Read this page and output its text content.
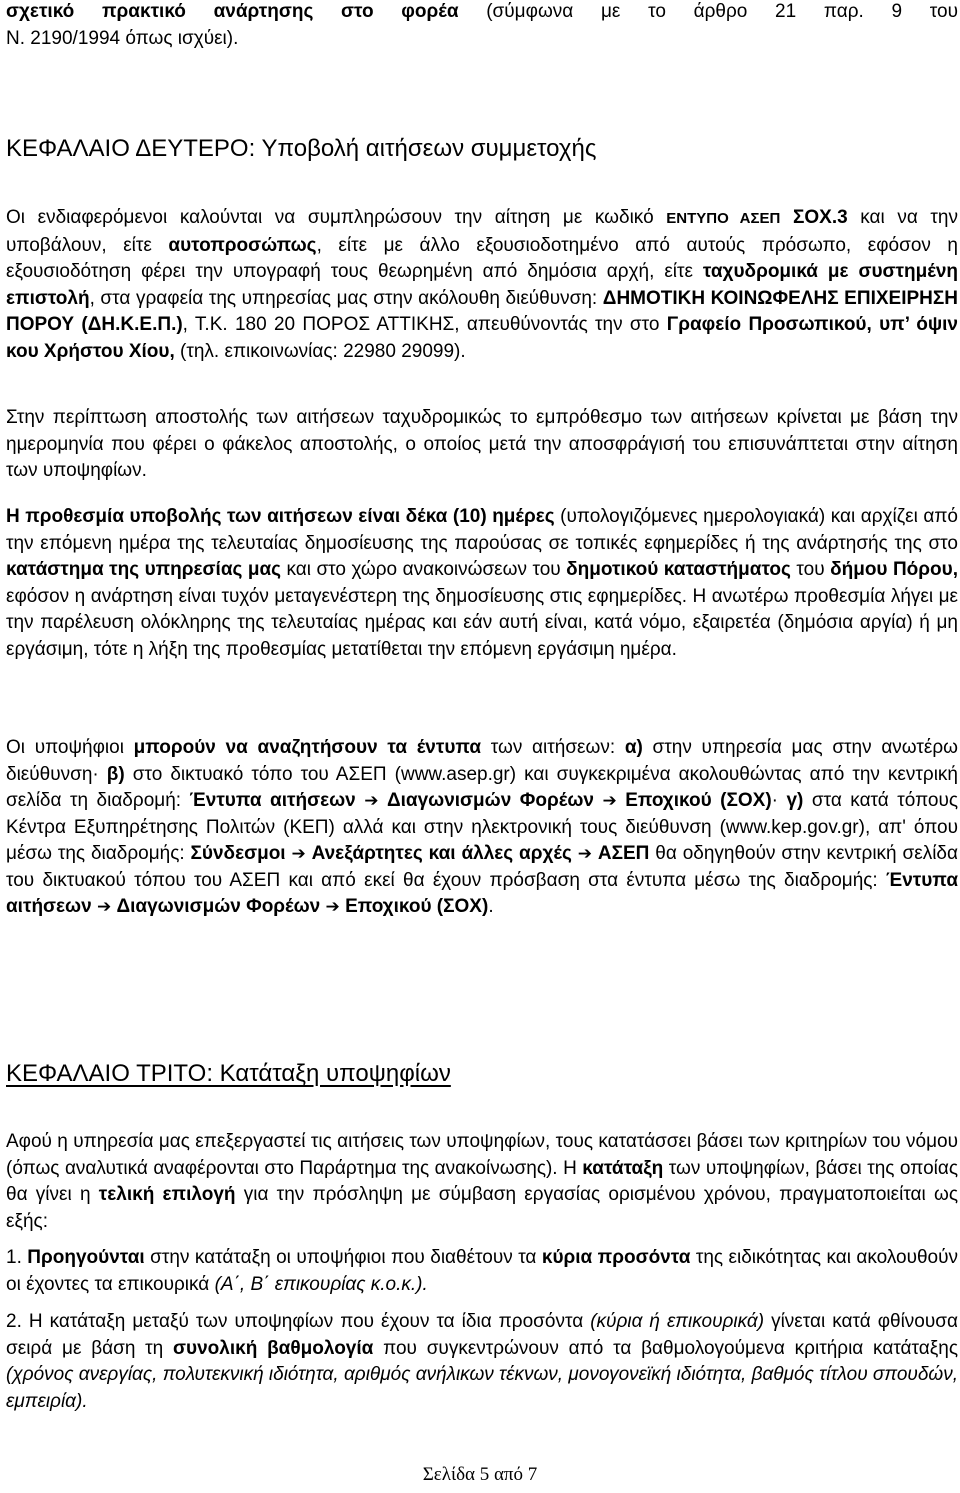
σχετικό πρακτικό ανάρτησης στο φορέα (σύμφωνα με το άρθρο 21 παρ. 9 του

Ν. 2190/1994 όπως ισχύει).

ΚΕΦΑΛΑΙΟ ΔΕΥΤΕΡΟ: Υποβολή αιτήσεων συμμετοχής

Οι ενδιαφερόμενοι καλούνται να συμπληρώσουν την αίτηση με κωδικό ΕΝΤΥΠΟ ΑΣΕΠ ΣΟΧ.3 και να την υποβάλουν, είτε αυτοπροσώπως, είτε με άλλο εξουσιοδοτημένο από αυτούς πρόσωπο, εφόσον η εξουσιοδότηση φέρει την υπογραφή τους θεωρημένη από δημόσια αρχή, είτε ταχυδρομικά με συστημένη επιστολή, στα γραφεία της υπηρεσίας μας στην ακόλουθη διεύθυνση: ΔΗΜΟΤΙΚΗ ΚΟΙΝΩΦΕΛΗΣ ΕΠΙΧΕΙΡΗΣΗ ΠΟΡΟΥ (ΔΗ.Κ.Ε.Π.), Τ.Κ. 180 20 ΠΟΡΟΣ ΑΤΤΙΚΗΣ, απευθύνοντάς την στο Γραφείο Προσωπικού, υπ’ όψιν κου Χρήστου Χίου, (τηλ. επικοινωνίας: 22980 29099).

Στην περίπτωση αποστολής των αιτήσεων ταχυδρομικώς το εμπρόθεσμο των αιτήσεων κρίνεται με βάση την ημερομηνία που φέρει ο φάκελος αποστολής, ο οποίος μετά την αποσφράγισή του επισυνάπτεται στην αίτηση των υποψηφίων.

Η προθεσμία υποβολής των αιτήσεων είναι δέκα (10) ημέρες (υπολογιζόμενες ημερολογιακά) και αρχίζει από την επόμενη ημέρα της τελευταίας δημοσίευσης της παρούσας σε τοπικές εφημερίδες ή της ανάρτησής της στο κατάστημα της υπηρεσίας μας και στο χώρο ανακοινώσεων του δημοτικού καταστήματος του δήμου Πόρου, εφόσον η ανάρτηση είναι τυχόν μεταγενέστερη της δημοσίευσης στις εφημερίδες. Η ανωτέρω προθεσμία λήγει με την παρέλευση ολόκληρης της τελευταίας ημέρας και εάν αυτή είναι, κατά νόμο, εξαιρετέα (δημόσια αργία) ή μη εργάσιμη, τότε η λήξη της προθεσμίας μετατίθεται την επόμενη εργάσιμη ημέρα.

Οι υποψήφιοι μπορούν να αναζητήσουν τα έντυπα των αιτήσεων: α) στην υπηρεσία μας στην ανωτέρω διεύθυνση· β) στο δικτυακό τόπο του ΑΣΕΠ (www.asep.gr) και συγκεκριμένα ακολουθώντας από την κεντρική σελίδα τη διαδρομή: Έντυπα αιτήσεων ➔ Διαγωνισμών Φορέων ➔ Εποχικού (ΣΟΧ)· γ) στα κατά τόπους Κέντρα Εξυπηρέτησης Πολιτών (ΚΕΠ) αλλά και στην ηλεκτρονική τους διεύθυνση (www.kep.gov.gr), απ' όπου μέσω της διαδρομής: Σύνδεσμοι ➔ Ανεξάρτητες και άλλες αρχές ➔ ΑΣΕΠ θα οδηγηθούν στην κεντρική σελίδα του δικτυακού τόπου του ΑΣΕΠ και από εκεί θα έχουν πρόσβαση στα έντυπα μέσω της διαδρομής: Έντυπα αιτήσεων ➔ Διαγωνισμών Φορέων ➔ Εποχικού (ΣΟΧ).

ΚΕΦΑΛΑΙΟ ΤΡΙΤΟ: Κατάταξη υποψηφίων

Αφού η υπηρεσία μας επεξεργαστεί τις αιτήσεις των υποψηφίων, τους κατατάσσει βάσει των κριτηρίων του νόμου (όπως αναλυτικά αναφέρονται στο Παράρτημα της ανακοίνωσης). Η κατάταξη των υποψηφίων, βάσει της οποίας θα γίνει η τελική επιλογή για την πρόσληψη με σύμβαση εργασίας ορισμένου χρόνου, πραγματοποιείται ως εξής:

1. Προηγούνται στην κατάταξη οι υποψήφιοι που διαθέτουν τα κύρια προσόντα της ειδικότητας και ακολουθούν οι έχοντες τα επικουρικά (Α΄, Β΄ επικουρίας κ.ο.κ.).

2. Η κατάταξη μεταξύ των υποψηφίων που έχουν τα ίδια προσόντα (κύρια ή επικουρικά) γίνεται κατά φθίνουσα σειρά με βάση τη συνολική βαθμολογία που συγκεντρώνουν από τα βαθμολογούμενα κριτήρια κατάταξης (χρόνος ανεργίας, πολυτεκνική ιδιότητα, αριθμός ανήλικων τέκνων, μονογονεϊκή ιδιότητα, βαθμός τίτλου σπουδών, εμπειρία).

Σελίδα 5 από 7
